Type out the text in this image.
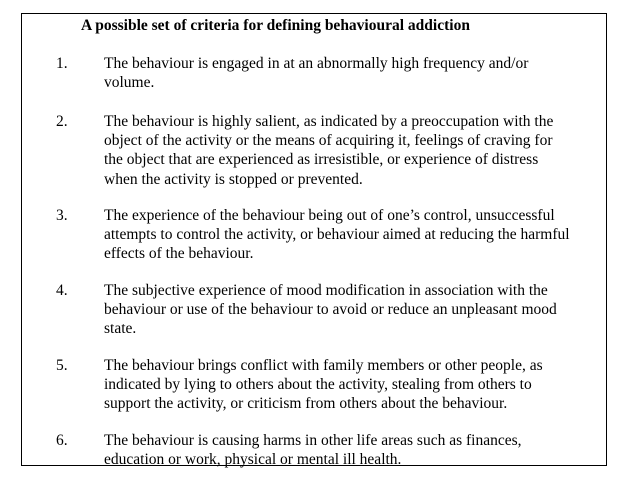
A possible set of criteria for defining behavioural addiction
1. The behaviour is engaged in at an abnormally high frequency and/or
volume.

2. The behaviour is highly salient, as indicated by a preoccupation with the
object of the activity or the means of acquiring it, feelings of craving for
the object that are experienced as irresistible, or experience of distress
when the activity is stopped or prevented.

3. The experience of the behaviour being out of one’s control, unsuccessful
attempts to control the activity, or behaviour aimed at reducing the harmful
effects of the behaviour.

4. The subjective experience of mood modification in association with the
behaviour or use of the behaviour to avoid or reduce an unpleasant mood
state.

5. The behaviour brings conflict with family members or other people, as
indicated by lying to others about the activity, stealing from others to
support the activity, or criticism from others about the behaviour.

6. The behaviour is causing harms in other life areas such as finances,
education or work, physical or mental ill health.
